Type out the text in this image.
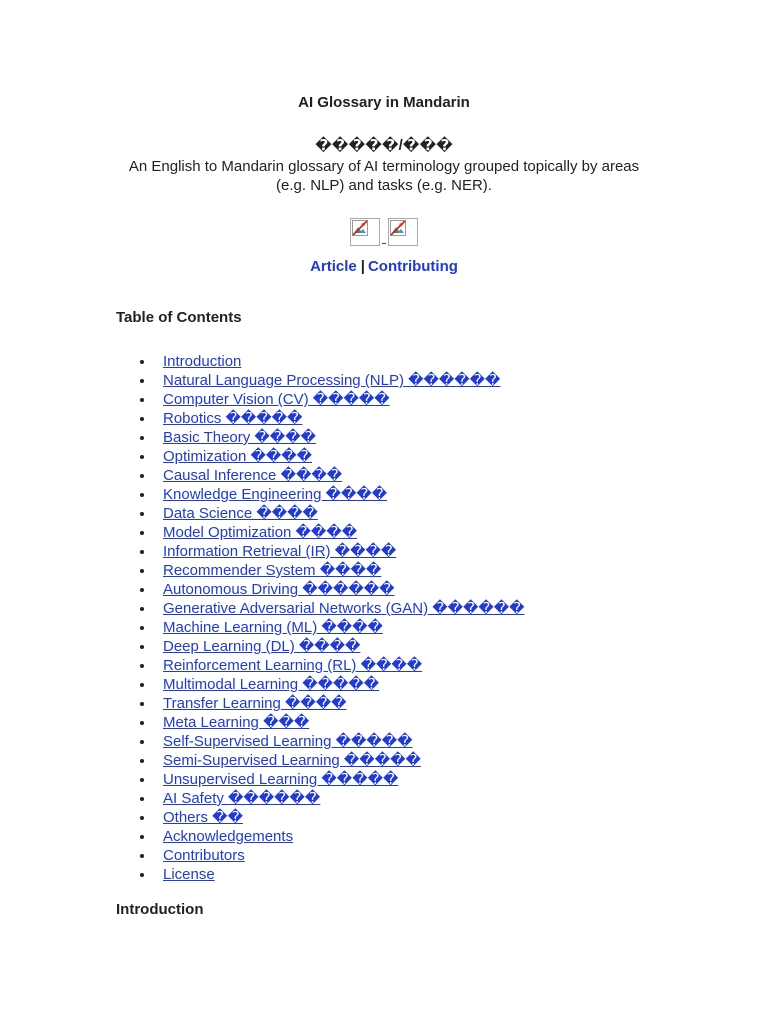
AI Glossary in Mandarin
�����/���

An English to Mandarin glossary of AI terminology grouped topically by areas (e.g. NLP) and tasks (e.g. NER).

Article | Contributing
Table of Contents
Introduction
Natural Language Processing (NLP) ������
Computer Vision (CV) �����
Robotics �����
Basic Theory ����
Optimization ����
Causal Inference ����
Knowledge Engineering ����
Data Science ����
Model Optimization ����
Information Retrieval (IR) ����
Recommender System ����
Autonomous Driving ������
Generative Adversarial Networks (GAN) ������
Machine Learning (ML) ����
Deep Learning (DL) ����
Reinforcement Learning (RL) ����
Multimodal Learning �����
Transfer Learning ����
Meta Learning ���
Self-Supervised Learning �����
Semi-Supervised Learning �����
Unsupervised Learning �����
AI Safety ������
Others ��
Acknowledgements
Contributors
License
Introduction
